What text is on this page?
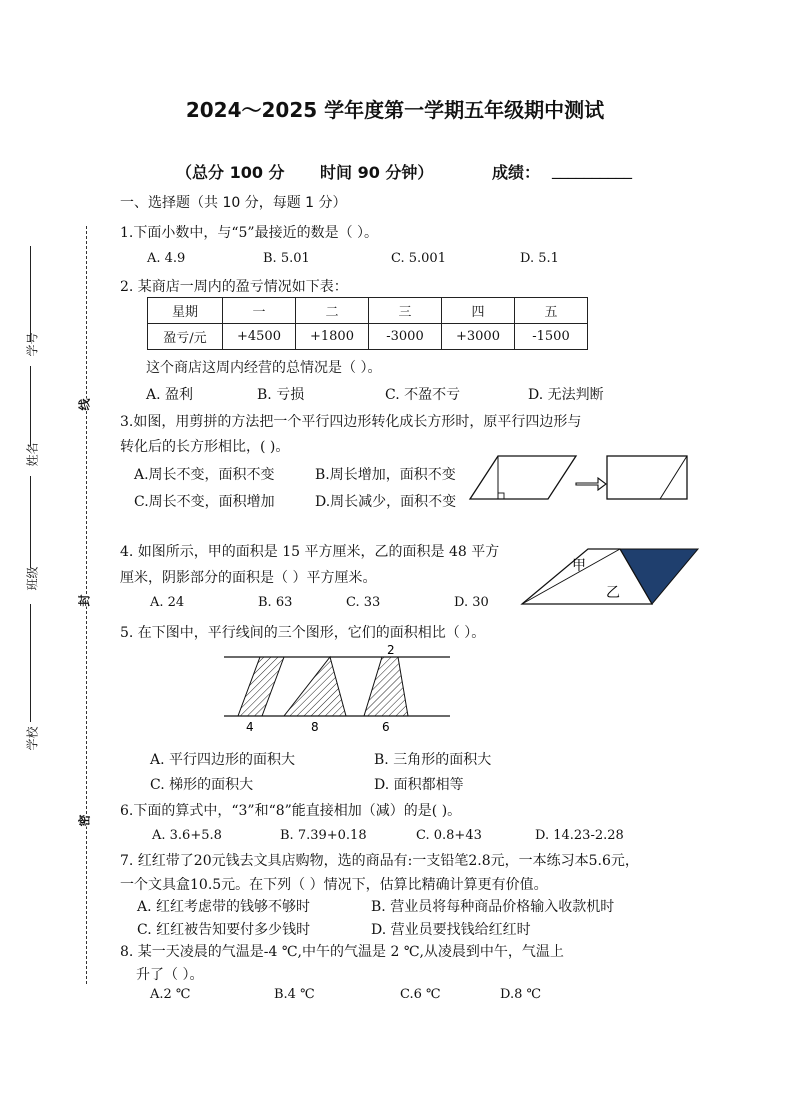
学号
姓名
班级
学校
线
封
密
2024～2025 学年度第一学期五年级期中测试
（总分 100 分 时间 90 分钟）	成绩： __________
一、选择题（共 10 分，每题 1 分）
1.下面小数中，与“5”最接近的数是（ ）。
A. 4.9	B. 5.01	C. 5.001	D. 5.1
2. 某商店一周内的盈亏情况如下表：
星期	一	二	三	四	五
盈亏/元	+4500	+1800	-3000	+3000	-1500
这个商店这周内经营的总情况是（ ）。
A. 盈利	B. 亏损	C. 不盈不亏	D. 无法判断
3.如图，用剪拼的方法把一个平行四边形转化成长方形时，原平行四边形与
转化后的长方形相比，( )。
A.周长不变，面积不变	B.周长增加，面积不变
C.周长不变，面积增加	D.周长减少，面积不变
4. 如图所示，甲的面积是 15 平方厘米，乙的面积是 48 平方
厘米，阴影部分的面积是（ ）平方厘米。
A. 24	B. 63	C. 33	D. 30
甲
乙
5. 在下图中，平行线间的三个图形，它们的面积相比（ ）。
2
4	8	6
A. 平行四边形的面积大	B. 三角形的面积大
C. 梯形的面积大	D. 面积都相等
6.下面的算式中，“3”和“8”能直接相加（减）的是( )。
A. 3.6+5.8	B. 7.39+0.18	C. 0.8+43	D. 14.23-2.28
7. 红红带了20元钱去文具店购物，选的商品有:一支铅笔2.8元，一本练习本5.6元，
一个文具盒10.5元。在下列（ ）情况下，估算比精确计算更有价值。
A. 红红考虑带的钱够不够时	B. 营业员将每种商品价格输入收款机时
C. 红红被告知要付多少钱时	D. 营业员要找钱给红红时
8. 某一天凌晨的气温是-4 ℃,中午的气温是 2 ℃,从凌晨到中午，气温上
升了（ ）。
A.2 ℃	B.4 ℃	C.6 ℃	D.8 ℃
